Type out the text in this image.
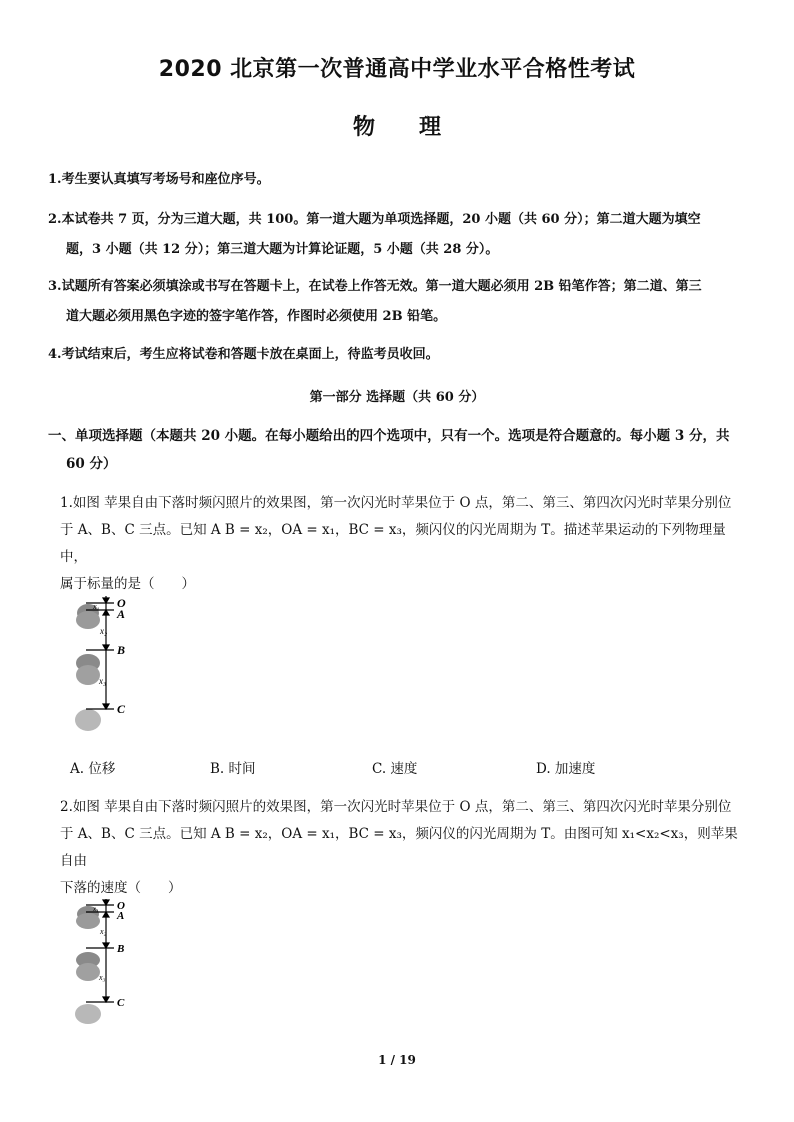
2020 北京第一次普通高中学业水平合格性考试
物理
1.考生要认真填写考场号和座位序号。
2.本试卷共 7 页，分为三道大题，共 100。第一道大题为单项选择题，20 小题（共 60 分）；第二道大题为填空
题，3 小题（共 12 分）；第三道大题为计算论证题，5 小题（共 28 分）。
3.试题所有答案必须填涂或书写在答题卡上，在试卷上作答无效。第一道大题必须用 2B 铅笔作答；第二道、第三
道大题必须用黑色字迹的签字笔作答，作图时必须使用 2B 铅笔。
4.考试结束后，考生应将试卷和答题卡放在桌面上，待监考员收回。
第一部分 选择题（共 60 分）
一、单项选择题（本题共 20 小题。在每小题给出的四个选项中，只有一个。选项是符合题意的。每小题 3 分，共
60 分）
1.如图 苹果自由下落时频闪照片的效果图，第一次闪光时苹果位于 O 点，第二、第三、第四次闪光时苹果分别位
于 A、B、C 三点。已知 A B = x₂，OA = x₁，BC = x₃，频闪仪的闪光周期为 T。描述苹果运动的下列物理量中，
属于标量的是（　　）
O
A
B
C
x₁
x₂
x₃
A. 位移	B. 时间	C. 速度	D. 加速度
2.如图 苹果自由下落时频闪照片的效果图，第一次闪光时苹果位于 O 点，第二、第三、第四次闪光时苹果分别位
于 A、B、C 三点。已知 A B = x₂，OA = x₁，BC = x₃，频闪仪的闪光周期为 T。由图可知 x₁<x₂<x₃，则苹果自由
下落的速度（　　）
O
A
B
C
x₁
x₂
x₃
1 / 19
